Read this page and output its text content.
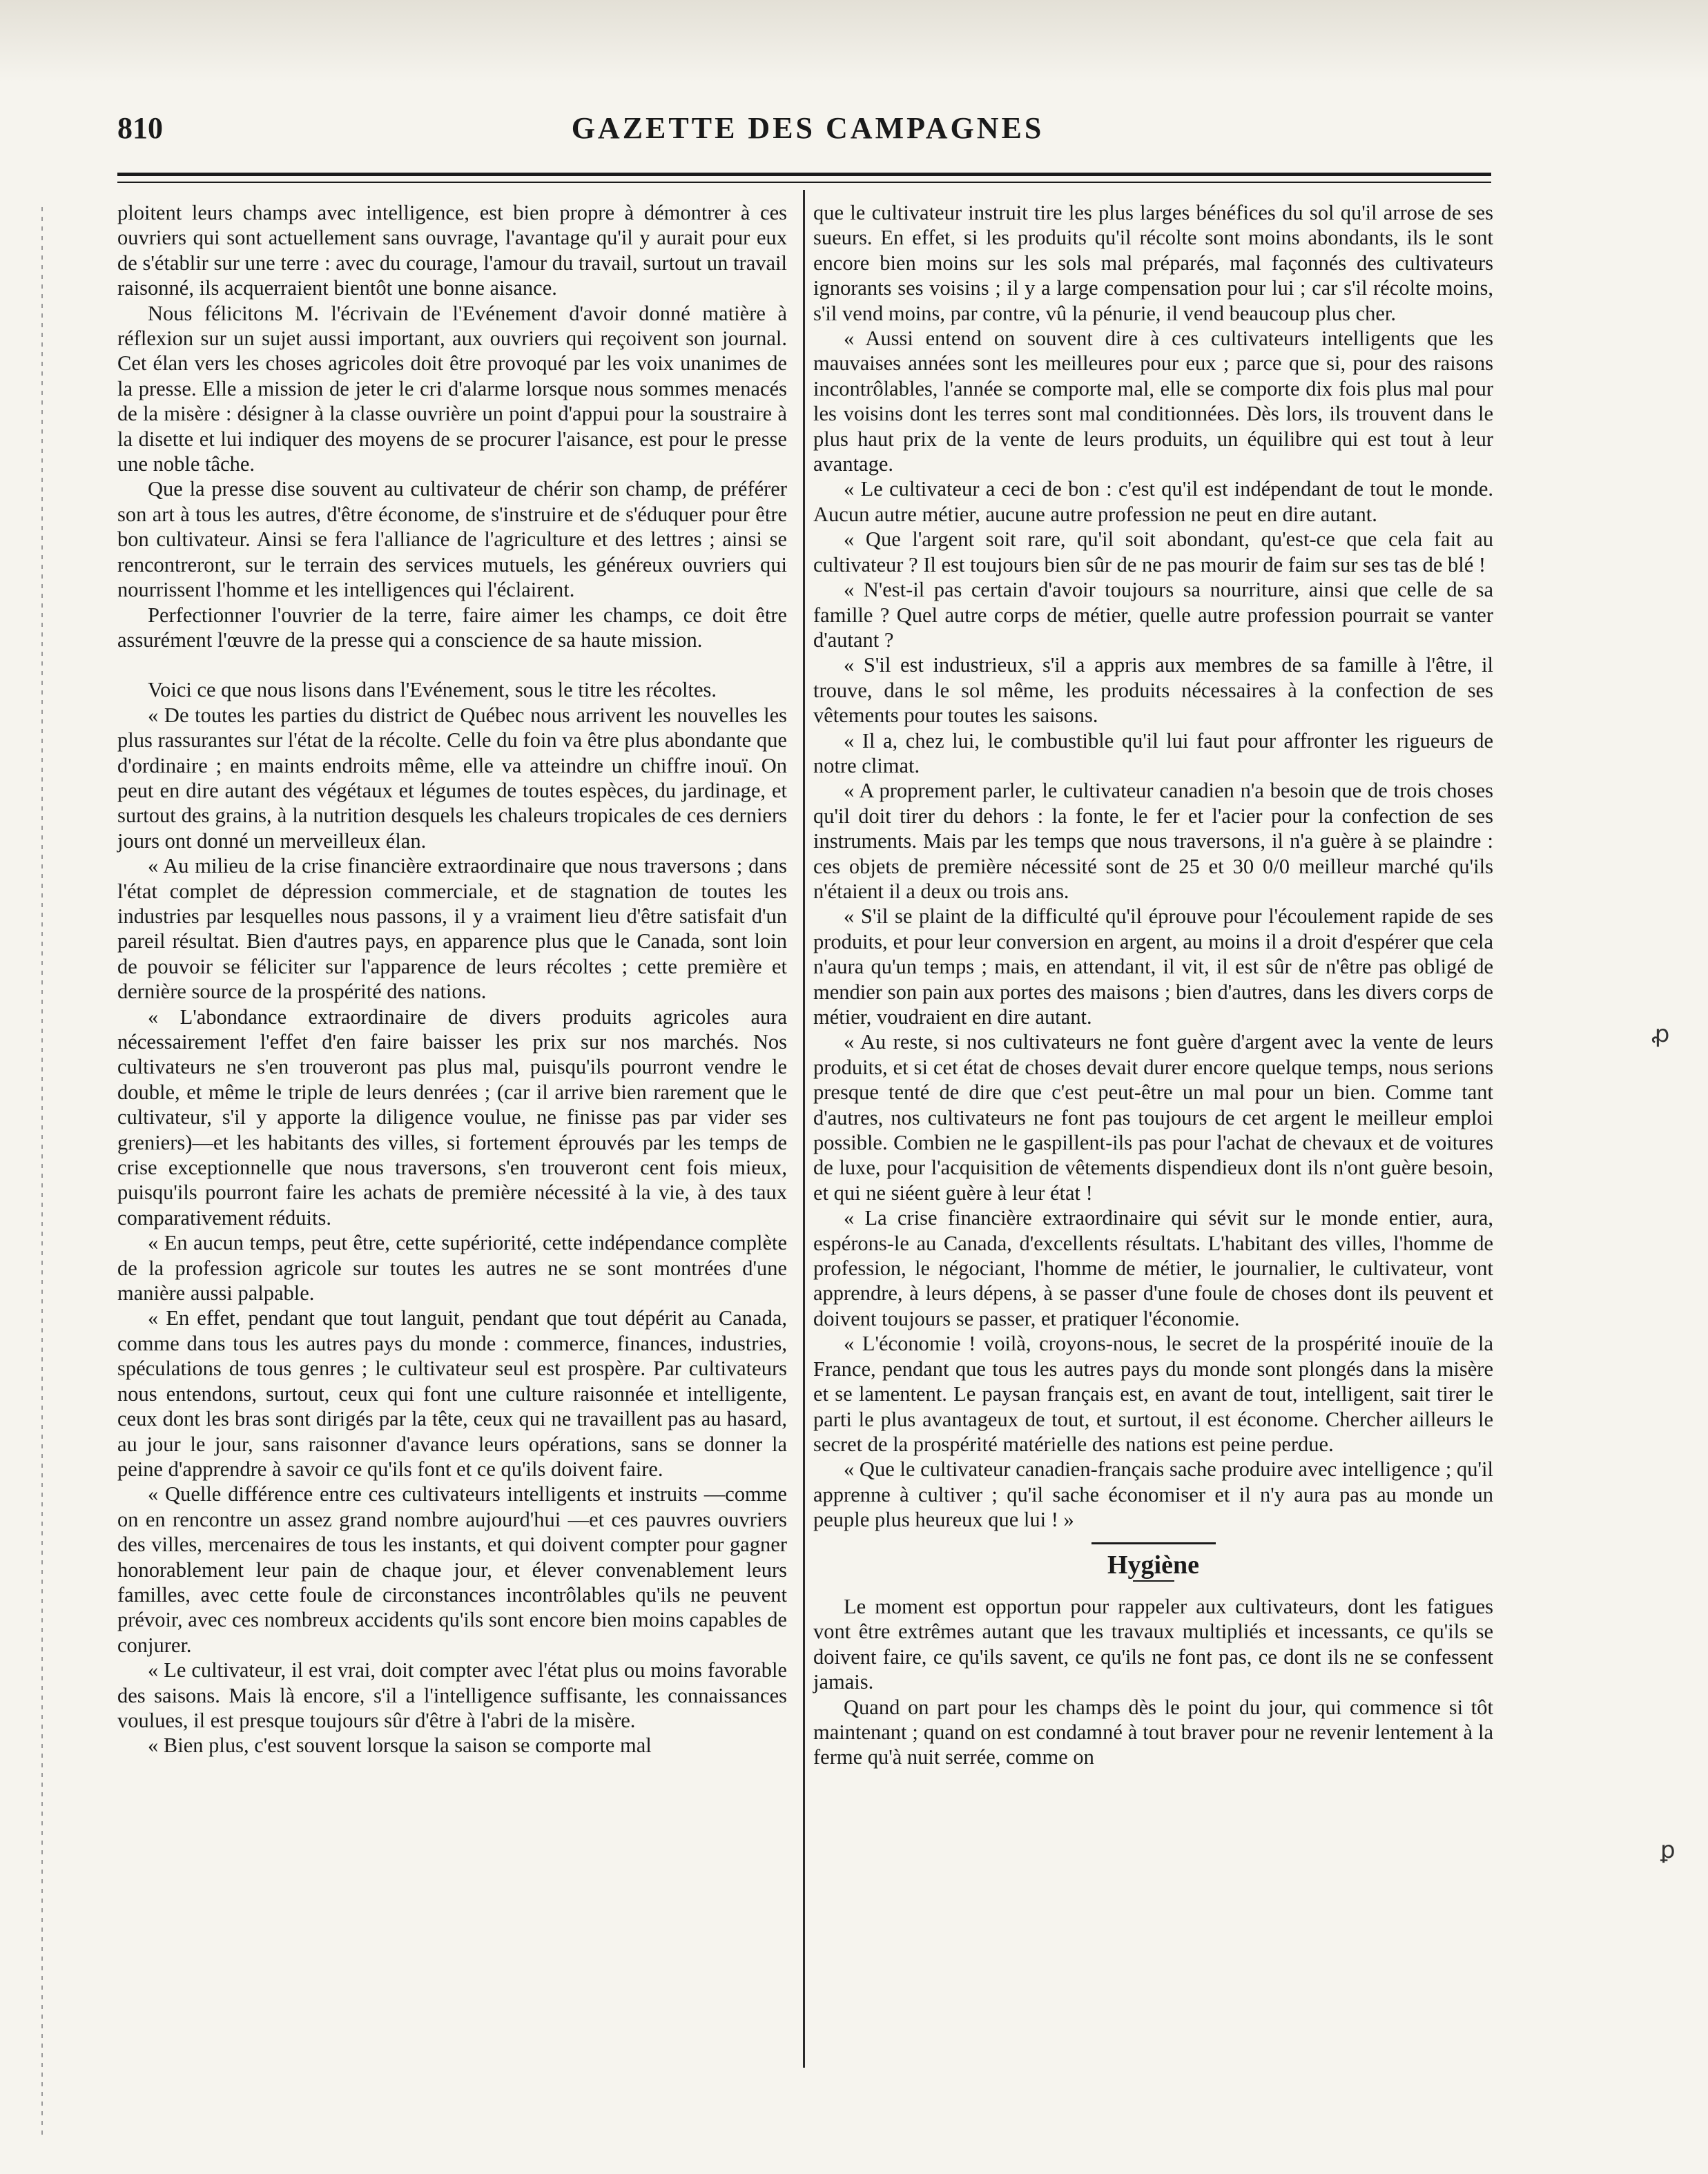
810	GAZETTE DES CAMPAGNES

ploitent leurs champs avec intelligence, est bien propre à démontrer à ces ouvriers qui sont actuellement sans ouvrage, l'avantage qu'il y aurait pour eux de s'établir sur une terre : avec du courage, l'amour du travail, surtout un travail raisonné, ils acquerraient bientôt une bonne aisance.

Nous félicitons M. l'écrivain de l'Evénement d'avoir donné matière à réflexion sur un sujet aussi important, aux ouvriers qui reçoivent son journal. Cet élan vers les choses agricoles doit être provoqué par les voix unanimes de la presse. Elle a mission de jeter le cri d'alarme lorsque nous sommes menacés de la misère : désigner à la classe ouvrière un point d'appui pour la soustraire à la disette et lui indiquer des moyens de se procurer l'aisance, est pour le presse une noble tâche.

Que la presse dise souvent au cultivateur de chérir son champ, de préférer son art à tous les autres, d'être économe, de s'instruire et de s'éduquer pour être bon cultivateur. Ainsi se fera l'alliance de l'agriculture et des lettres ; ainsi se rencontreront, sur le terrain des services mutuels, les généreux ouvriers qui nourrissent l'homme et les intelligences qui l'éclairent.

Perfectionner l'ouvrier de la terre, faire aimer les champs, ce doit être assurément l'œuvre de la presse qui a conscience de sa haute mission.

Voici ce que nous lisons dans l'Evénement, sous le titre les récoltes.

« De toutes les parties du district de Québec nous arrivent les nouvelles les plus rassurantes sur l'état de la récolte. Celle du foin va être plus abondante que d'ordinaire ; en maints endroits même, elle va atteindre un chiffre inouï. On peut en dire autant des végétaux et légumes de toutes espèces, du jardinage, et surtout des grains, à la nutrition desquels les chaleurs tropicales de ces derniers jours ont donné un merveilleux élan.

« Au milieu de la crise financière extraordinaire que nous traversons ; dans l'état complet de dépression commerciale, et de stagnation de toutes les industries par lesquelles nous passons, il y a vraiment lieu d'être satisfait d'un pareil résultat. Bien d'autres pays, en apparence plus que le Canada, sont loin de pouvoir se féliciter sur l'apparence de leurs récoltes ; cette première et dernière source de la prospérité des nations.

« L'abondance extraordinaire de divers produits agricoles aura nécessairement l'effet d'en faire baisser les prix sur nos marchés. Nos cultivateurs ne s'en trouveront pas plus mal, puisqu'ils pourront vendre le double, et même le triple de leurs denrées ; (car il arrive bien rarement que le cultivateur, s'il y apporte la diligence voulue, ne finisse pas par vider ses greniers)—et les habitants des villes, si fortement éprouvés par les temps de crise exceptionnelle que nous traversons, s'en trouveront cent fois mieux, puisqu'ils pourront faire les achats de première nécessité à la vie, à des taux comparativement réduits.

« En aucun temps, peut être, cette supériorité, cette indépendance complète de la profession agricole sur toutes les autres ne se sont montrées d'une manière aussi palpable.

« En effet, pendant que tout languit, pendant que tout dépérit au Canada, comme dans tous les autres pays du monde : commerce, finances, industries, spéculations de tous genres ; le cultivateur seul est prospère. Par cultivateurs nous entendons, surtout, ceux qui font une culture raisonnée et intelligente, ceux dont les bras sont dirigés par la tête, ceux qui ne travaillent pas au hasard, au jour le jour, sans raisonner d'avance leurs opérations, sans se donner la peine d'apprendre à savoir ce qu'ils font et ce qu'ils doivent faire.

« Quelle différence entre ces cultivateurs intelligents et instruits —comme on en rencontre un assez grand nombre aujourd'hui —et ces pauvres ouvriers des villes, mercenaires de tous les instants, et qui doivent compter pour gagner honorablement leur pain de chaque jour, et élever convenablement leurs familles, avec cette foule de circonstances incontrôlables qu'ils ne peuvent prévoir, avec ces nombreux accidents qu'ils sont encore bien moins capables de conjurer.

« Le cultivateur, il est vrai, doit compter avec l'état plus ou moins favorable des saisons. Mais là encore, s'il a l'intelligence suffisante, les connaissances voulues, il est presque toujours sûr d'être à l'abri de la misère.

« Bien plus, c'est souvent lorsque la saison se comporte mal

que le cultivateur instruit tire les plus larges bénéfices du sol qu'il arrose de ses sueurs. En effet, si les produits qu'il récolte sont moins abondants, ils le sont encore bien moins sur les sols mal préparés, mal façonnés des cultivateurs ignorants ses voisins ; il y a large compensation pour lui ; car s'il récolte moins, s'il vend moins, par contre, vû la pénurie, il vend beaucoup plus cher.

« Aussi entend on souvent dire à ces cultivateurs intelligents que les mauvaises années sont les meilleures pour eux ; parce que si, pour des raisons incontrôlables, l'année se comporte mal, elle se comporte dix fois plus mal pour les voisins dont les terres sont mal conditionnées. Dès lors, ils trouvent dans le plus haut prix de la vente de leurs produits, un équilibre qui est tout à leur avantage.

« Le cultivateur a ceci de bon : c'est qu'il est indépendant de tout le monde. Aucun autre métier, aucune autre profession ne peut en dire autant.

« Que l'argent soit rare, qu'il soit abondant, qu'est-ce que cela fait au cultivateur ? Il est toujours bien sûr de ne pas mourir de faim sur ses tas de blé !

« N'est-il pas certain d'avoir toujours sa nourriture, ainsi que celle de sa famille ? Quel autre corps de métier, quelle autre profession pourrait se vanter d'autant ?

« S'il est industrieux, s'il a appris aux membres de sa famille à l'être, il trouve, dans le sol même, les produits nécessaires à la confection de ses vêtements pour toutes les saisons.

« Il a, chez lui, le combustible qu'il lui faut pour affronter les rigueurs de notre climat.

« A proprement parler, le cultivateur canadien n'a besoin que de trois choses qu'il doit tirer du dehors : la fonte, le fer et l'acier pour la confection de ses instruments. Mais par les temps que nous traversons, il n'a guère à se plaindre : ces objets de première nécessité sont de 25 et 30 0/0 meilleur marché qu'ils n'étaient il a deux ou trois ans.

« S'il se plaint de la difficulté qu'il éprouve pour l'écoulement rapide de ses produits, et pour leur conversion en argent, au moins il a droit d'espérer que cela n'aura qu'un temps ; mais, en attendant, il vit, il est sûr de n'être pas obligé de mendier son pain aux portes des maisons ; bien d'autres, dans les divers corps de métier, voudraient en dire autant.

« Au reste, si nos cultivateurs ne font guère d'argent avec la vente de leurs produits, et si cet état de choses devait durer encore quelque temps, nous serions presque tenté de dire que c'est peut-être un mal pour un bien. Comme tant d'autres, nos cultivateurs ne font pas toujours de cet argent le meilleur emploi possible. Combien ne le gaspillent-ils pas pour l'achat de chevaux et de voitures de luxe, pour l'acquisition de vêtements dispendieux dont ils n'ont guère besoin, et qui ne siéent guère à leur état !

« La crise financière extraordinaire qui sévit sur le monde entier, aura, espérons-le au Canada, d'excellents résultats. L'habitant des villes, l'homme de profession, le négociant, l'homme de métier, le journalier, le cultivateur, vont apprendre, à leurs dépens, à se passer d'une foule de choses dont ils peuvent et doivent toujours se passer, et pratiquer l'économie.

« L'économie ! voilà, croyons-nous, le secret de la prospérité inouïe de la France, pendant que tous les autres pays du monde sont plongés dans la misère et se lamentent. Le paysan français est, en avant de tout, intelligent, sait tirer le parti le plus avantageux de tout, et surtout, il est économe. Chercher ailleurs le secret de la prospérité matérielle des nations est peine perdue.

« Que le cultivateur canadien-français sache produire avec intelligence ; qu'il apprenne à cultiver ; qu'il sache économiser et il n'y aura pas au monde un peuple plus heureux que lui ! »

Hygiène

Le moment est opportun pour rappeler aux cultivateurs, dont les fatigues vont être extrêmes autant que les travaux multipliés et incessants, ce qu'ils se doivent faire, ce qu'ils savent, ce qu'ils ne font pas, ce dont ils ne se confessent jamais.

Quand on part pour les champs dès le point du jour, qui commence si tôt maintenant ; quand on est condamné à tout braver pour ne revenir lentement à la ferme qu'à nuit serrée, comme on

ꝓ
ꝑ
